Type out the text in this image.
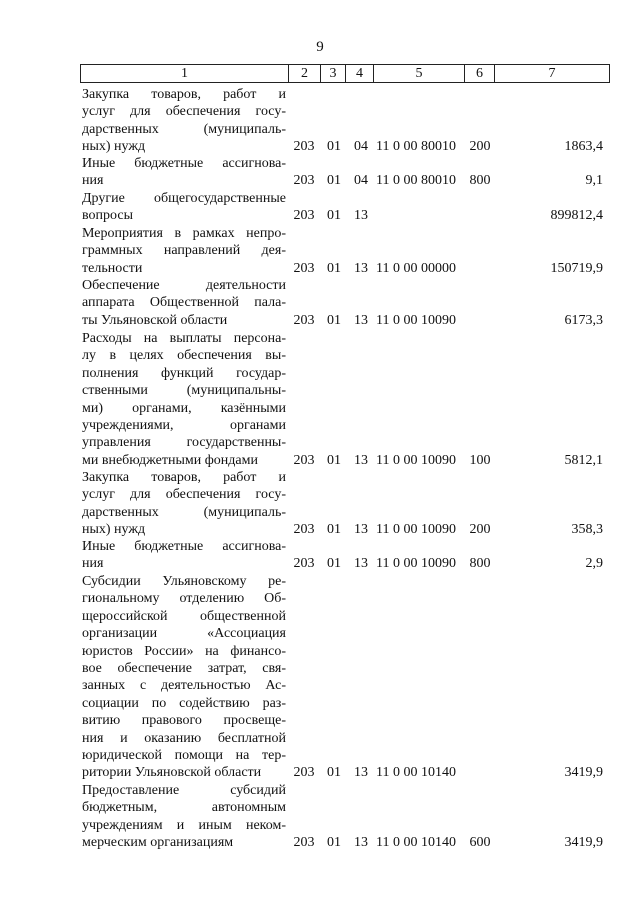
9
1	2	3	4	5	6	7
Закупка товаров, работ и
услуг для обеспечения госу-
дарственных (муниципаль-
ных) нужд	203 01 04 11 0 00 80010 200	1863,4
Иные бюджетные ассигнова-
ния	203 01 04 11 0 00 80010 800	9,1
Другие общегосударственные
вопросы	203 01 13	899812,4
Мероприятия в рамках непро-
граммных направлений дея-
тельности	203 01 13 11 0 00 00000	150719,9
Обеспечение деятельности
аппарата Общественной пала-
ты Ульяновской области	203 01 13 11 0 00 10090	6173,3
Расходы на выплаты персона-
лу в целях обеспечения вы-
полнения функций государ-
ственными (муниципальны-
ми) органами, казёнными
учреждениями, органами
управления государственны-
ми внебюджетными фондами	203 01 13 11 0 00 10090 100	5812,1
Закупка товаров, работ и
услуг для обеспечения госу-
дарственных (муниципаль-
ных) нужд	203 01 13 11 0 00 10090 200	358,3
Иные бюджетные ассигнова-
ния	203 01 13 11 0 00 10090 800	2,9
Субсидии Ульяновскому ре-
гиональному отделению Об-
щероссийской общественной
организации «Ассоциация
юристов России» на финансо-
вое обеспечение затрат, свя-
занных с деятельностью Ас-
социации по содействию раз-
витию правового просвеще-
ния и оказанию бесплатной
юридической помощи на тер-
ритории Ульяновской области	203 01 13 11 0 00 10140	3419,9
Предоставление субсидий
бюджетным, автономным
учреждениям и иным неком-
мерческим организациям	203 01 13 11 0 00 10140 600	3419,9
